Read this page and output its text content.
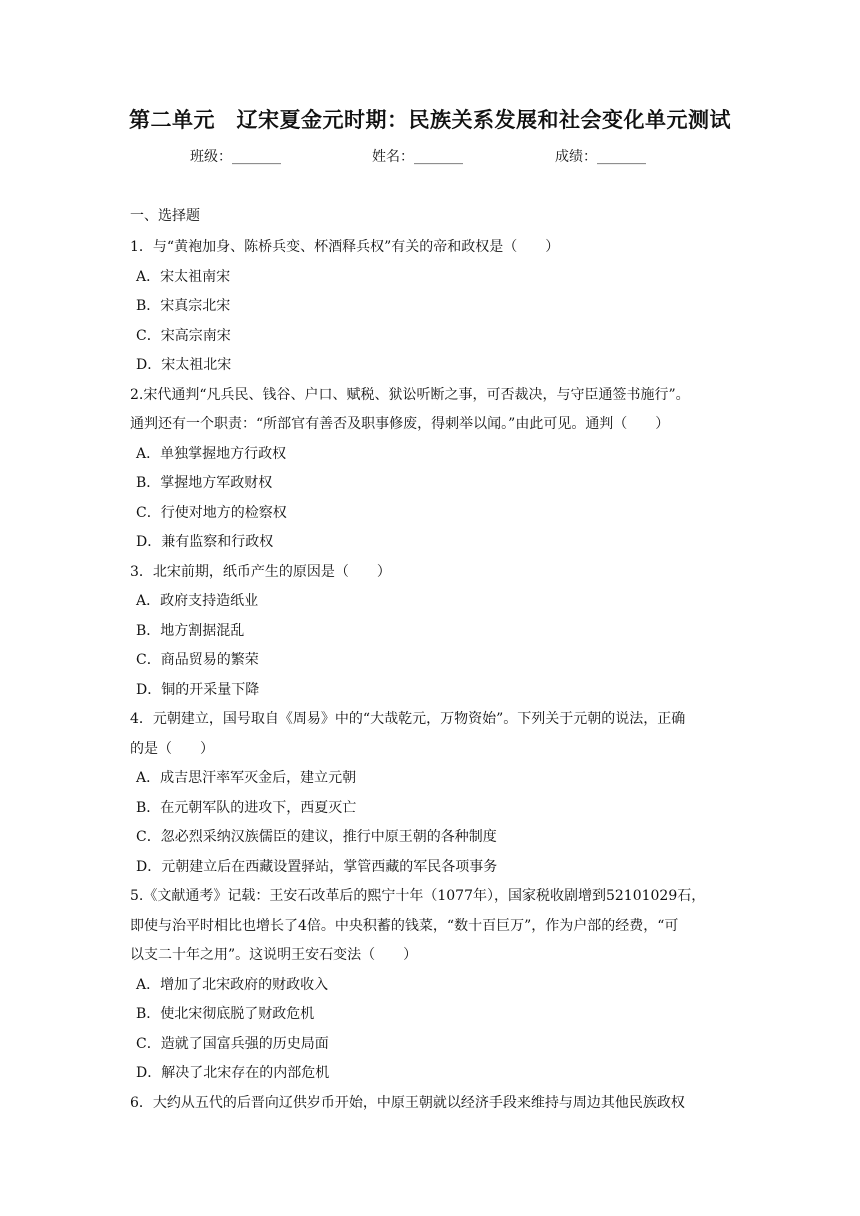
第二单元　辽宋夏金元时期：民族关系发展和社会变化单元测试
班级：_______	姓名：_______	成绩：_______
一、选择题
1．与“黄袍加身、陈桥兵变、杯酒释兵权”有关的帝和政权是（　　）
A．宋太祖南宋
B．宋真宗北宋
C．宋高宗南宋
D．宋太祖北宋
2.宋代通判“凡兵民、钱谷、户口、赋税、狱讼听断之事，可否裁决，与守臣通签书施行”。
通判还有一个职责：“所部官有善否及职事修废，得刺举以闻。”由此可见。通判（　　）
A．单独掌握地方行政权
B．掌握地方军政财权
C．行使对地方的检察权
D．兼有监察和行政权
3．北宋前期，纸币产生的原因是（　　）
A．政府支持造纸业
B．地方割据混乱
C．商品贸易的繁荣
D．铜的开采量下降
4．元朝建立，国号取自《周易》中的“大哉乾元，万物资始”。下列关于元朝的说法，正确
的是（　　）
A．成吉思汗率军灭金后，建立元朝
B．在元朝军队的进攻下，西夏灭亡
C．忽必烈采纳汉族儒臣的建议，推行中原王朝的各种制度
D．元朝建立后在西藏设置驿站，掌管西藏的军民各项事务
5.《文献通考》记载：王安石改革后的熙宁十年（1077年），国家税收剧增到52101029石，
即使与治平时相比也增长了4倍。中央积蓄的钱菜，“数十百巨万”，作为户部的经费，“可
以支二十年之用”。这说明王安石变法（　　）
A．增加了北宋政府的财政收入
B．使北宋彻底脱了财政危机
C．造就了国富兵强的历史局面
D．解决了北宋存在的内部危机
6．大约从五代的后晋向辽供岁币开始，中原王朝就以经济手段来维持与周边其他民族政权
